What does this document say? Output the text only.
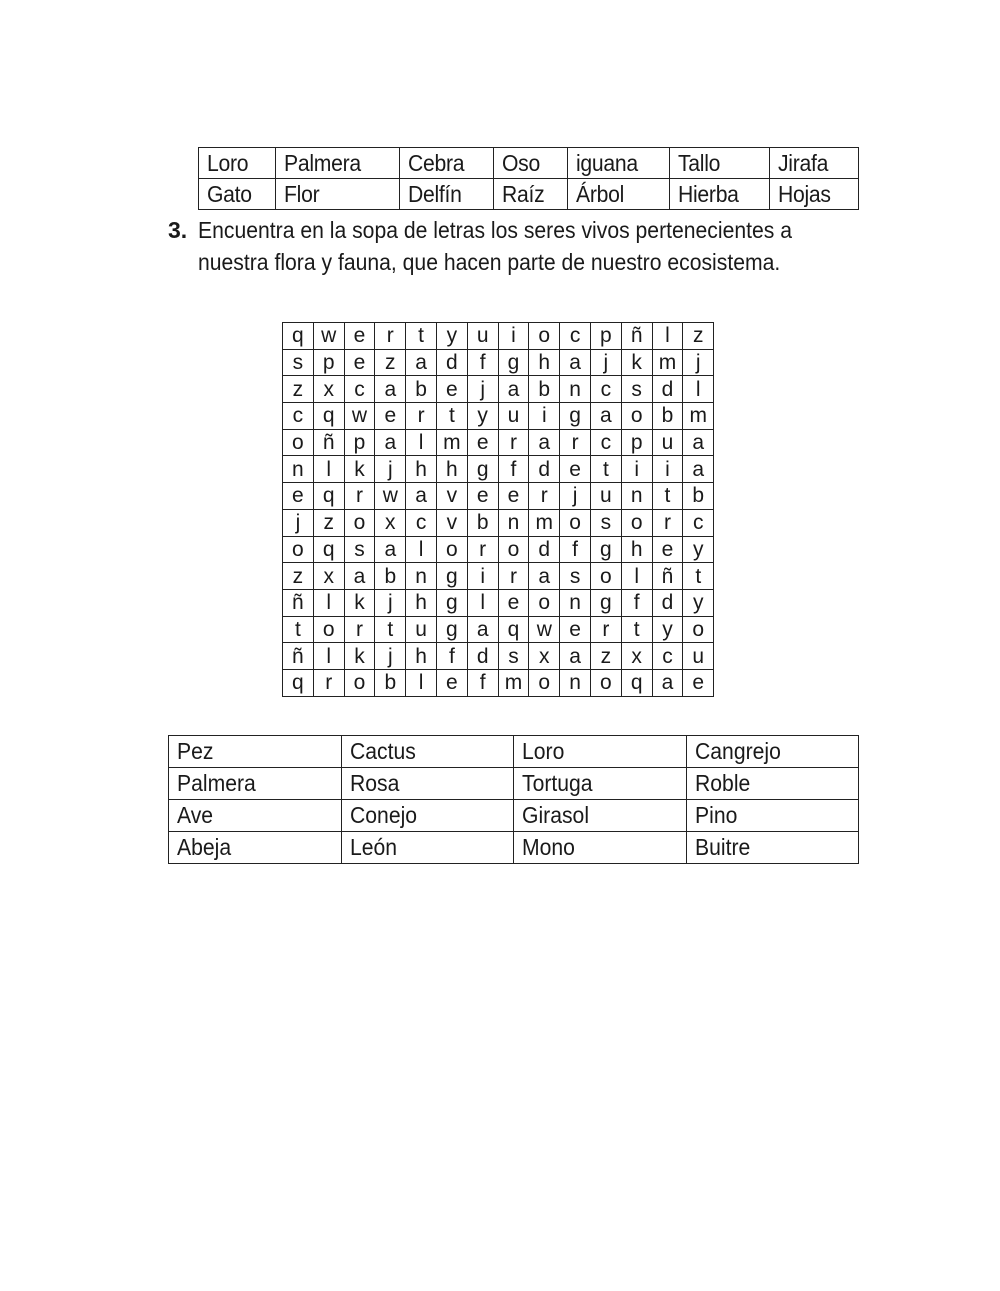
Loro	Palmera	Cebra	Oso	iguana	Tallo	Jirafa
Gato	Flor	Delfín	Raíz	Árbol	Hierba	Hojas
3. Encuentra en la sopa de letras los seres vivos pertenecientes a
nuestra flora y fauna, que hacen parte de nuestro ecosistema.
q	w	e	r	t	y	u	i	o	c	p	ñ	l	z
s	p	e	z	a	d	f	g	h	a	j	k	m	j
z	x	c	a	b	e	j	a	b	n	c	s	d	l
c	q	w	e	r	t	y	u	i	g	a	o	b	m
o	ñ	p	a	l	m	e	r	a	r	c	p	u	a
n	l	k	j	h	h	g	f	d	e	t	i	i	a
e	q	r	w	a	v	e	e	r	j	u	n	t	b
j	z	o	x	c	v	b	n	m	o	s	o	r	c
o	q	s	a	l	o	r	o	d	f	g	h	e	y
z	x	a	b	n	g	i	r	a	s	o	l	ñ	t
ñ	l	k	j	h	g	l	e	o	n	g	f	d	y
t	o	r	t	u	g	a	q	w	e	r	t	y	o
ñ	l	k	j	h	f	d	s	x	a	z	x	c	u
q	r	o	b	l	e	f	m	o	n	o	q	a	e
Pez	Cactus	Loro	Cangrejo
Palmera	Rosa	Tortuga	Roble
Ave	Conejo	Girasol	Pino
Abeja	León	Mono	Buitre
